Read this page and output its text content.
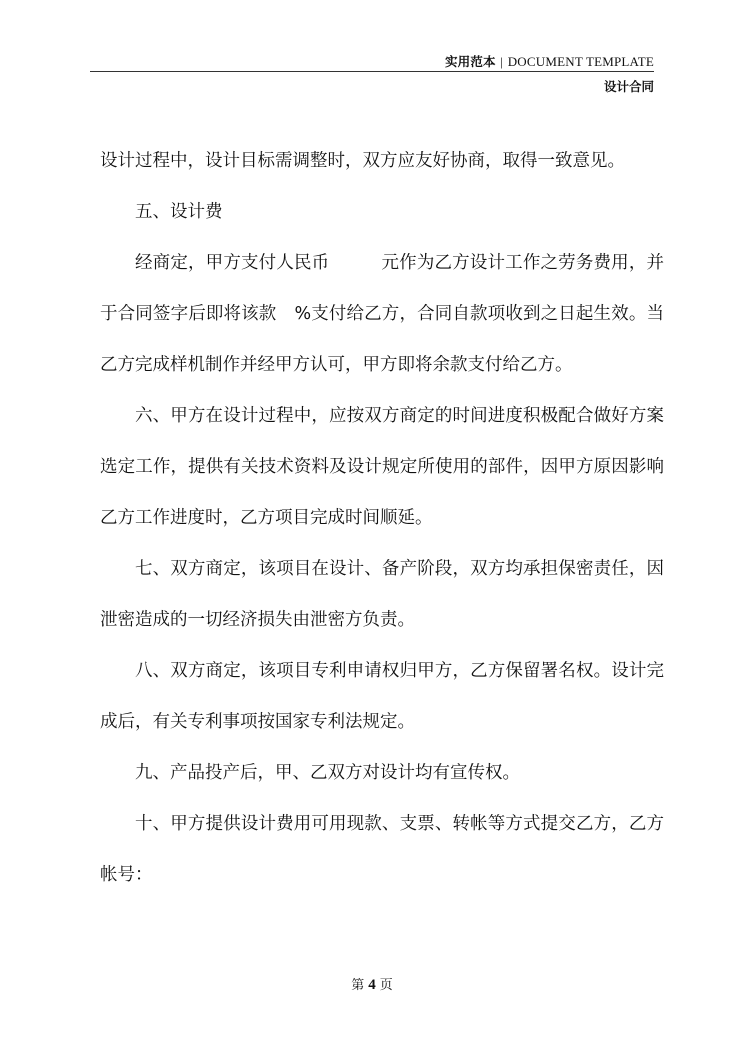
实用范本 | DOCUMENT TEMPLATE
设计合同

设计过程中，设计目标需调整时，双方应友好协商，取得一致意见。

五、设计费

经商定，甲方支付人民币	元作为乙方设计工作之劳务费用，并于合同签字后即将该款 %支付给乙方，合同自款项收到之日起生效。当乙方完成样机制作并经甲方认可，甲方即将余款支付给乙方。

六、甲方在设计过程中，应按双方商定的时间进度积极配合做好方案选定工作，提供有关技术资料及设计规定所使用的部件，因甲方原因影响乙方工作进度时，乙方项目完成时间顺延。

七、双方商定，该项目在设计、备产阶段，双方均承担保密责任，因泄密造成的一切经济损失由泄密方负责。

八、双方商定，该项目专利申请权归甲方，乙方保留署名权。设计完成后，有关专利事项按国家专利法规定。

九、产品投产后，甲、乙双方对设计均有宣传权。

十、甲方提供设计费用可用现款、支票、转帐等方式提交乙方，乙方帐号：

第 4 页
